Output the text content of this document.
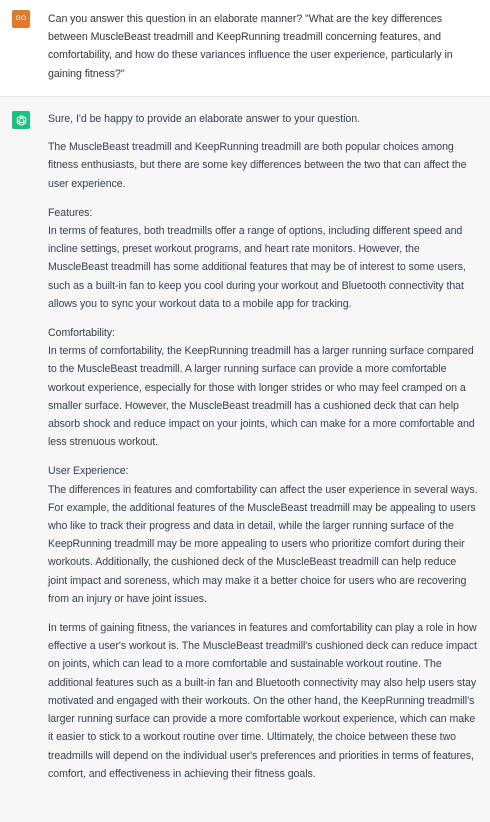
GO	Can you answer this question in an elaborate manner? "What are the key differences between MuscleBeast treadmill and KeepRunning treadmill concerning features, and comfortability, and how do these variances influence the user experience, particularly in gaining fitness?"

Sure, I'd be happy to provide an elaborate answer to your question.

The MuscleBeast treadmill and KeepRunning treadmill are both popular choices among fitness enthusiasts, but there are some key differences between the two that can affect the user experience.

Features:
In terms of features, both treadmills offer a range of options, including different speed and incline settings, preset workout programs, and heart rate monitors. However, the MuscleBeast treadmill has some additional features that may be of interest to some users, such as a built-in fan to keep you cool during your workout and Bluetooth connectivity that allows you to sync your workout data to a mobile app for tracking.

Comfortability:
In terms of comfortability, the KeepRunning treadmill has a larger running surface compared to the MuscleBeast treadmill. A larger running surface can provide a more comfortable workout experience, especially for those with longer strides or who may feel cramped on a smaller surface. However, the MuscleBeast treadmill has a cushioned deck that can help absorb shock and reduce impact on your joints, which can make for a more comfortable and less strenuous workout.

User Experience:
The differences in features and comfortability can affect the user experience in several ways. For example, the additional features of the MuscleBeast treadmill may be appealing to users who like to track their progress and data in detail, while the larger running surface of the KeepRunning treadmill may be more appealing to users who prioritize comfort during their workouts. Additionally, the cushioned deck of the MuscleBeast treadmill can help reduce joint impact and soreness, which may make it a better choice for users who are recovering from an injury or have joint issues.

In terms of gaining fitness, the variances in features and comfortability can play a role in how effective a user's workout is. The MuscleBeast treadmill's cushioned deck can reduce impact on joints, which can lead to a more comfortable and sustainable workout routine. The additional features such as a built-in fan and Bluetooth connectivity may also help users stay motivated and engaged with their workouts. On the other hand, the KeepRunning treadmill's larger running surface can provide a more comfortable workout experience, which can make it easier to stick to a workout routine over time. Ultimately, the choice between these two treadmills will depend on the individual user's preferences and priorities in terms of features, comfort, and effectiveness in achieving their fitness goals.
